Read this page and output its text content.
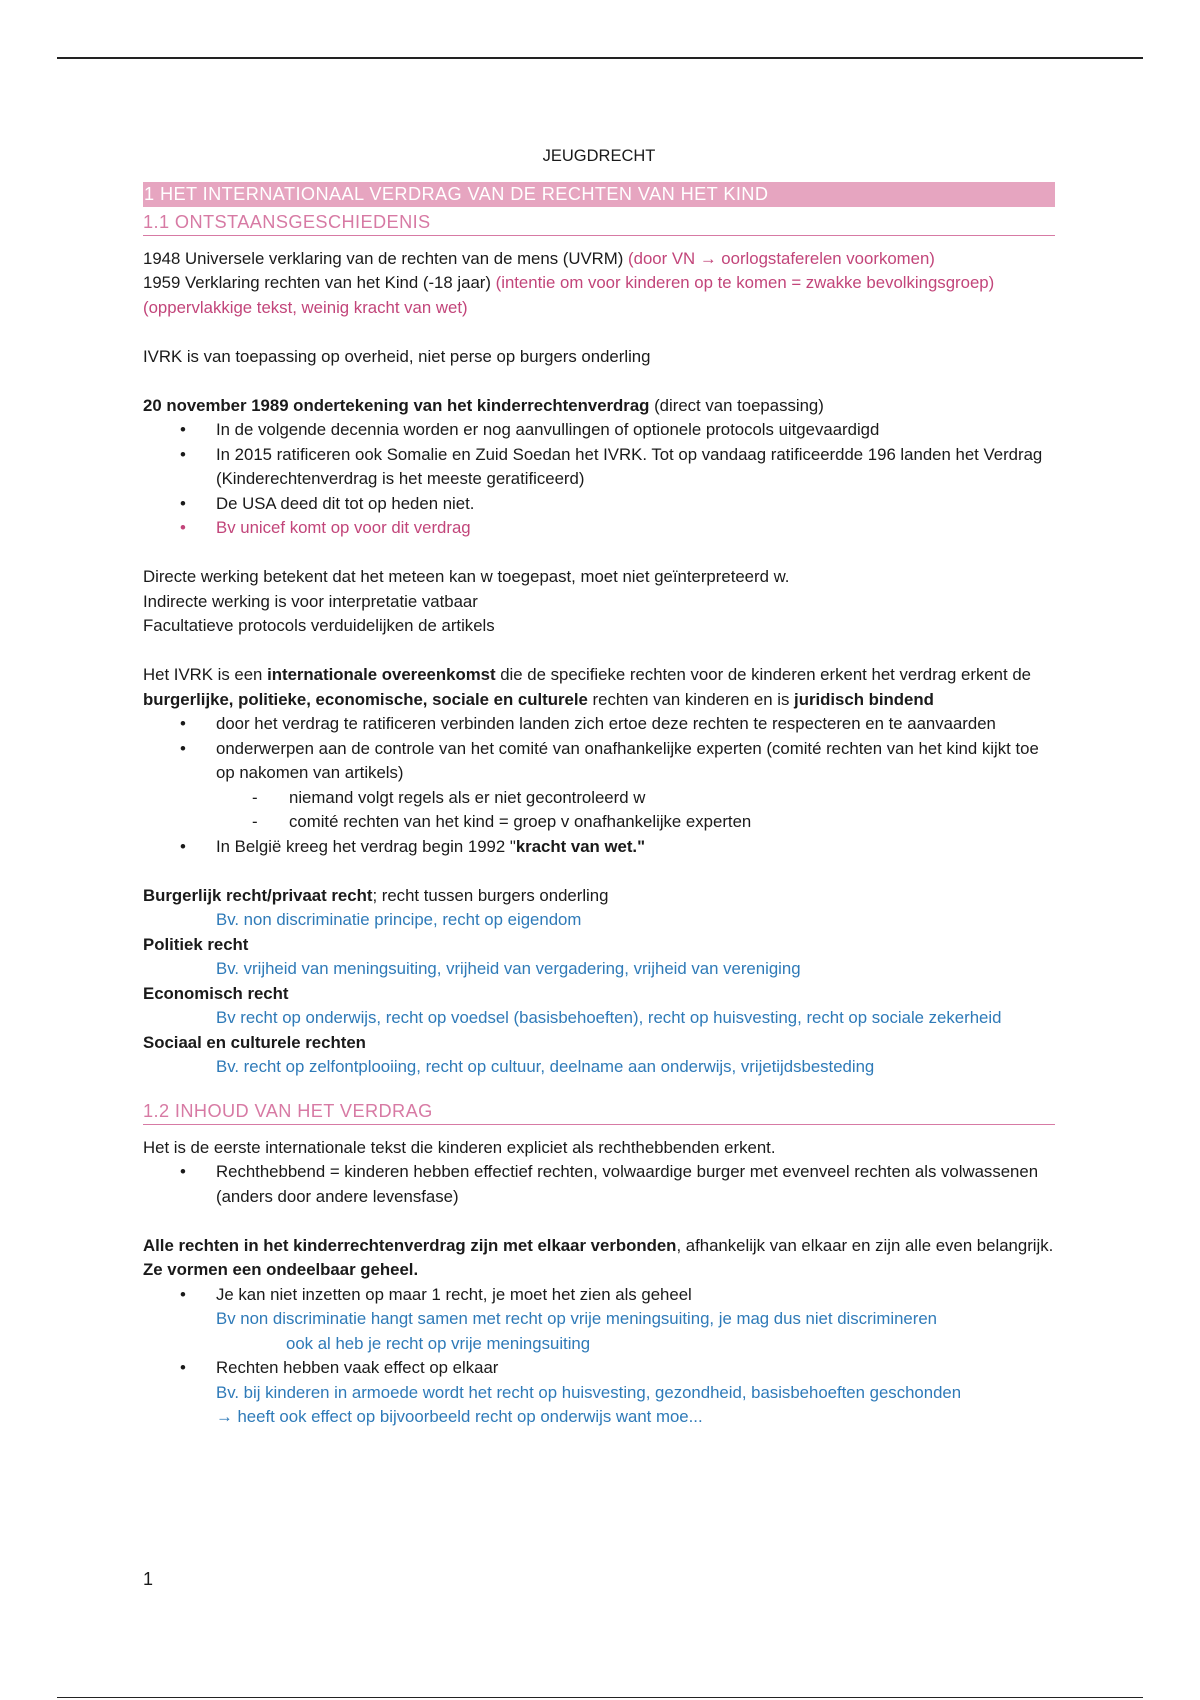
JEUGDRECHT
1 HET INTERNATIONAAL VERDRAG VAN DE RECHTEN VAN HET KIND
1.1 ONTSTAANSGESCHIEDENIS

1948 Universele verklaring van de rechten van de mens (UVRM) (door VN → oorlogstaferelen voorkomen)

1959 Verklaring rechten van het Kind (-18 jaar) (intentie om voor kinderen op te komen = zwakke bevolkingsgroep) (oppervlakkige tekst, weinig kracht van wet)

IVRK is van toepassing op overheid, niet perse op burgers onderling

20 november 1989 ondertekening van het kinderrechtenverdrag (direct van toepassing)

• In de volgende decennia worden er nog aanvullingen of optionele protocols uitgevaardigd
• In 2015 ratificeren ook Somalie en Zuid Soedan het IVRK. Tot op vandaag ratificeerdde 196 landen het Verdrag (Kinderechtenverdrag is het meeste geratificeerd)
• De USA deed dit tot op heden niet.
• Bv unicef komt op voor dit verdrag

Directe werking betekent dat het meteen kan w toegepast, moet niet geïnterpreteerd w.

Indirecte werking is voor interpretatie vatbaar

Facultatieve protocols verduidelijken de artikels

Het IVRK is een internationale overeenkomst die de specifieke rechten voor de kinderen erkent het verdrag erkent de burgerlijke, politieke, economische, sociale en culturele rechten van kinderen en is juridisch bindend

• door het verdrag te ratificeren verbinden landen zich ertoe deze rechten te respecteren en te aanvaarden
• onderwerpen aan de controle van het comité van onafhankelijke experten (comité rechten van het kind kijkt toe op nakomen van artikels)
- niemand volgt regels als er niet gecontroleerd w
- comité rechten van het kind = groep v onafhankelijke experten
• In België kreeg het verdrag begin 1992 "kracht van wet."

Burgerlijk recht/privaat recht; recht tussen burgers onderling

Bv. non discriminatie principe, recht op eigendom

Politiek recht

Bv. vrijheid van meningsuiting, vrijheid van vergadering, vrijheid van vereniging

Economisch recht

Bv recht op onderwijs, recht op voedsel (basisbehoeften), recht op huisvesting, recht op sociale zekerheid

Sociaal en culturele rechten

Bv. recht op zelfontplooiing, recht op cultuur, deelname aan onderwijs, vrijetijdsbesteding

1.2 INHOUD VAN HET VERDRAG

Het is de eerste internationale tekst die kinderen expliciet als rechthebbenden erkent.

• Rechthebbend = kinderen hebben effectief rechten, volwaardige burger met evenveel rechten als volwassenen (anders door andere levensfase)

Alle rechten in het kinderrechtenverdrag zijn met elkaar verbonden, afhankelijk van elkaar en zijn alle even belangrijk. Ze vormen een ondeelbaar geheel.

• Je kan niet inzetten op maar 1 recht, je moet het zien als geheel
Bv non discriminatie hangt samen met recht op vrije meningsuiting, je mag dus niet discrimineren
ook al heb je recht op vrije meningsuiting
• Rechten hebben vaak effect op elkaar
Bv. bij kinderen in armoede wordt het recht op huisvesting, gezondheid, basisbehoeften geschonden
→ heeft ook effect op bijvoorbeeld recht op onderwijs want moe...
1
